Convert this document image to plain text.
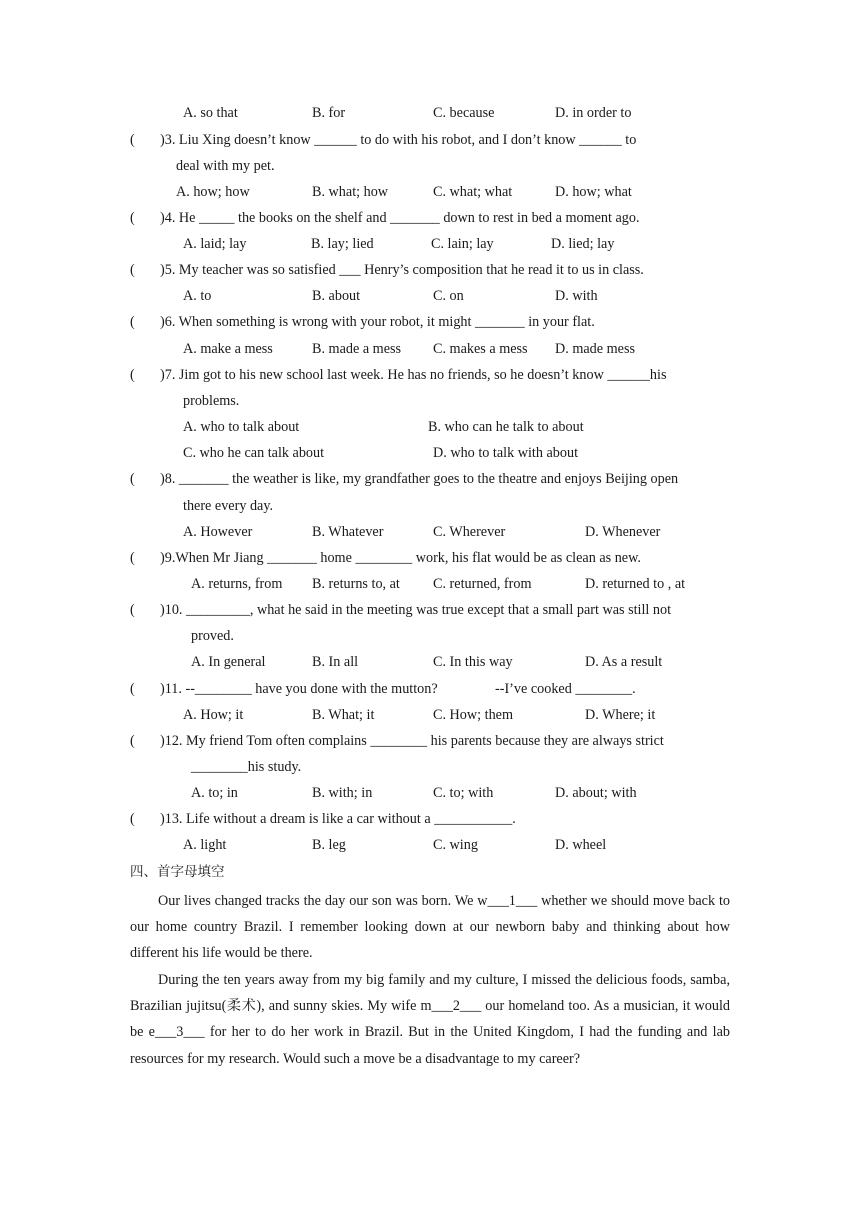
A. so that	B. for	C. because	D. in order to
( )3. Liu Xing doesn’t know ______ to do with his robot, and I don’t know ______ to
deal with my pet.
A. how; how	B. what; how	C. what; what	D. how; what
( )4. He _____ the books on the shelf and _______ down to rest in bed a moment ago.
A. laid; lay	B. lay; lied	C. lain; lay	D. lied; lay
( )5. My teacher was so satisfied ___ Henry’s composition that he read it to us in class.
A. to	B. about	C. on	D. with
( )6. When something is wrong with your robot, it might _______ in your flat.
A. make a mess	B. made a mess C. makes a mess D. made mess
( )7. Jim got to his new school last week. He has no friends, so he doesn’t know ______his
problems.
A. who to talk about	B. who can he talk to about
C. who he can talk about	D. who to talk with about
( )8. _______ the weather is like, my grandfather goes to the theatre and enjoys Beijing open
there every day.
A. However	B. Whatever	C. Wherever	D. Whenever
( )9.When Mr Jiang _______ home ________ work, his flat would be as clean as new.
A. returns, from B. returns to, at C. returned, from	D. returned to , at
( )10. _________, what he said in the meeting was true except that a small part was still not
proved.
A. In general	B. In all	C. In this way	D. As a result
( )11. --________ have you done with the mutton?	--I’ve cooked ________.
A. How; it	B. What; it	C. How; them	D. Where; it
( )12. My friend Tom often complains ________ his parents because they are always strict
________his study.
A. to; in	B. with; in	C. to; with	D. about; with
( )13. Life without a dream is like a car without a ___________.
A. light	B. leg	C. wing	D. wheel
四、首字母填空
Our lives changed tracks the day our son was born. We w___1___ whether we should move back to our home country Brazil. I remember looking down at our newborn baby and thinking about how different his life would be there.
During the ten years away from my big family and my culture, I missed the delicious foods, samba, Brazilian jujitsu(柔术), and sunny skies. My wife m___2___ our homeland too. As a musician, it would be e___3___ for her to do her work in Brazil. But in the United Kingdom, I had the funding and lab resources for my research. Would such a move be a disadvantage to my career?
